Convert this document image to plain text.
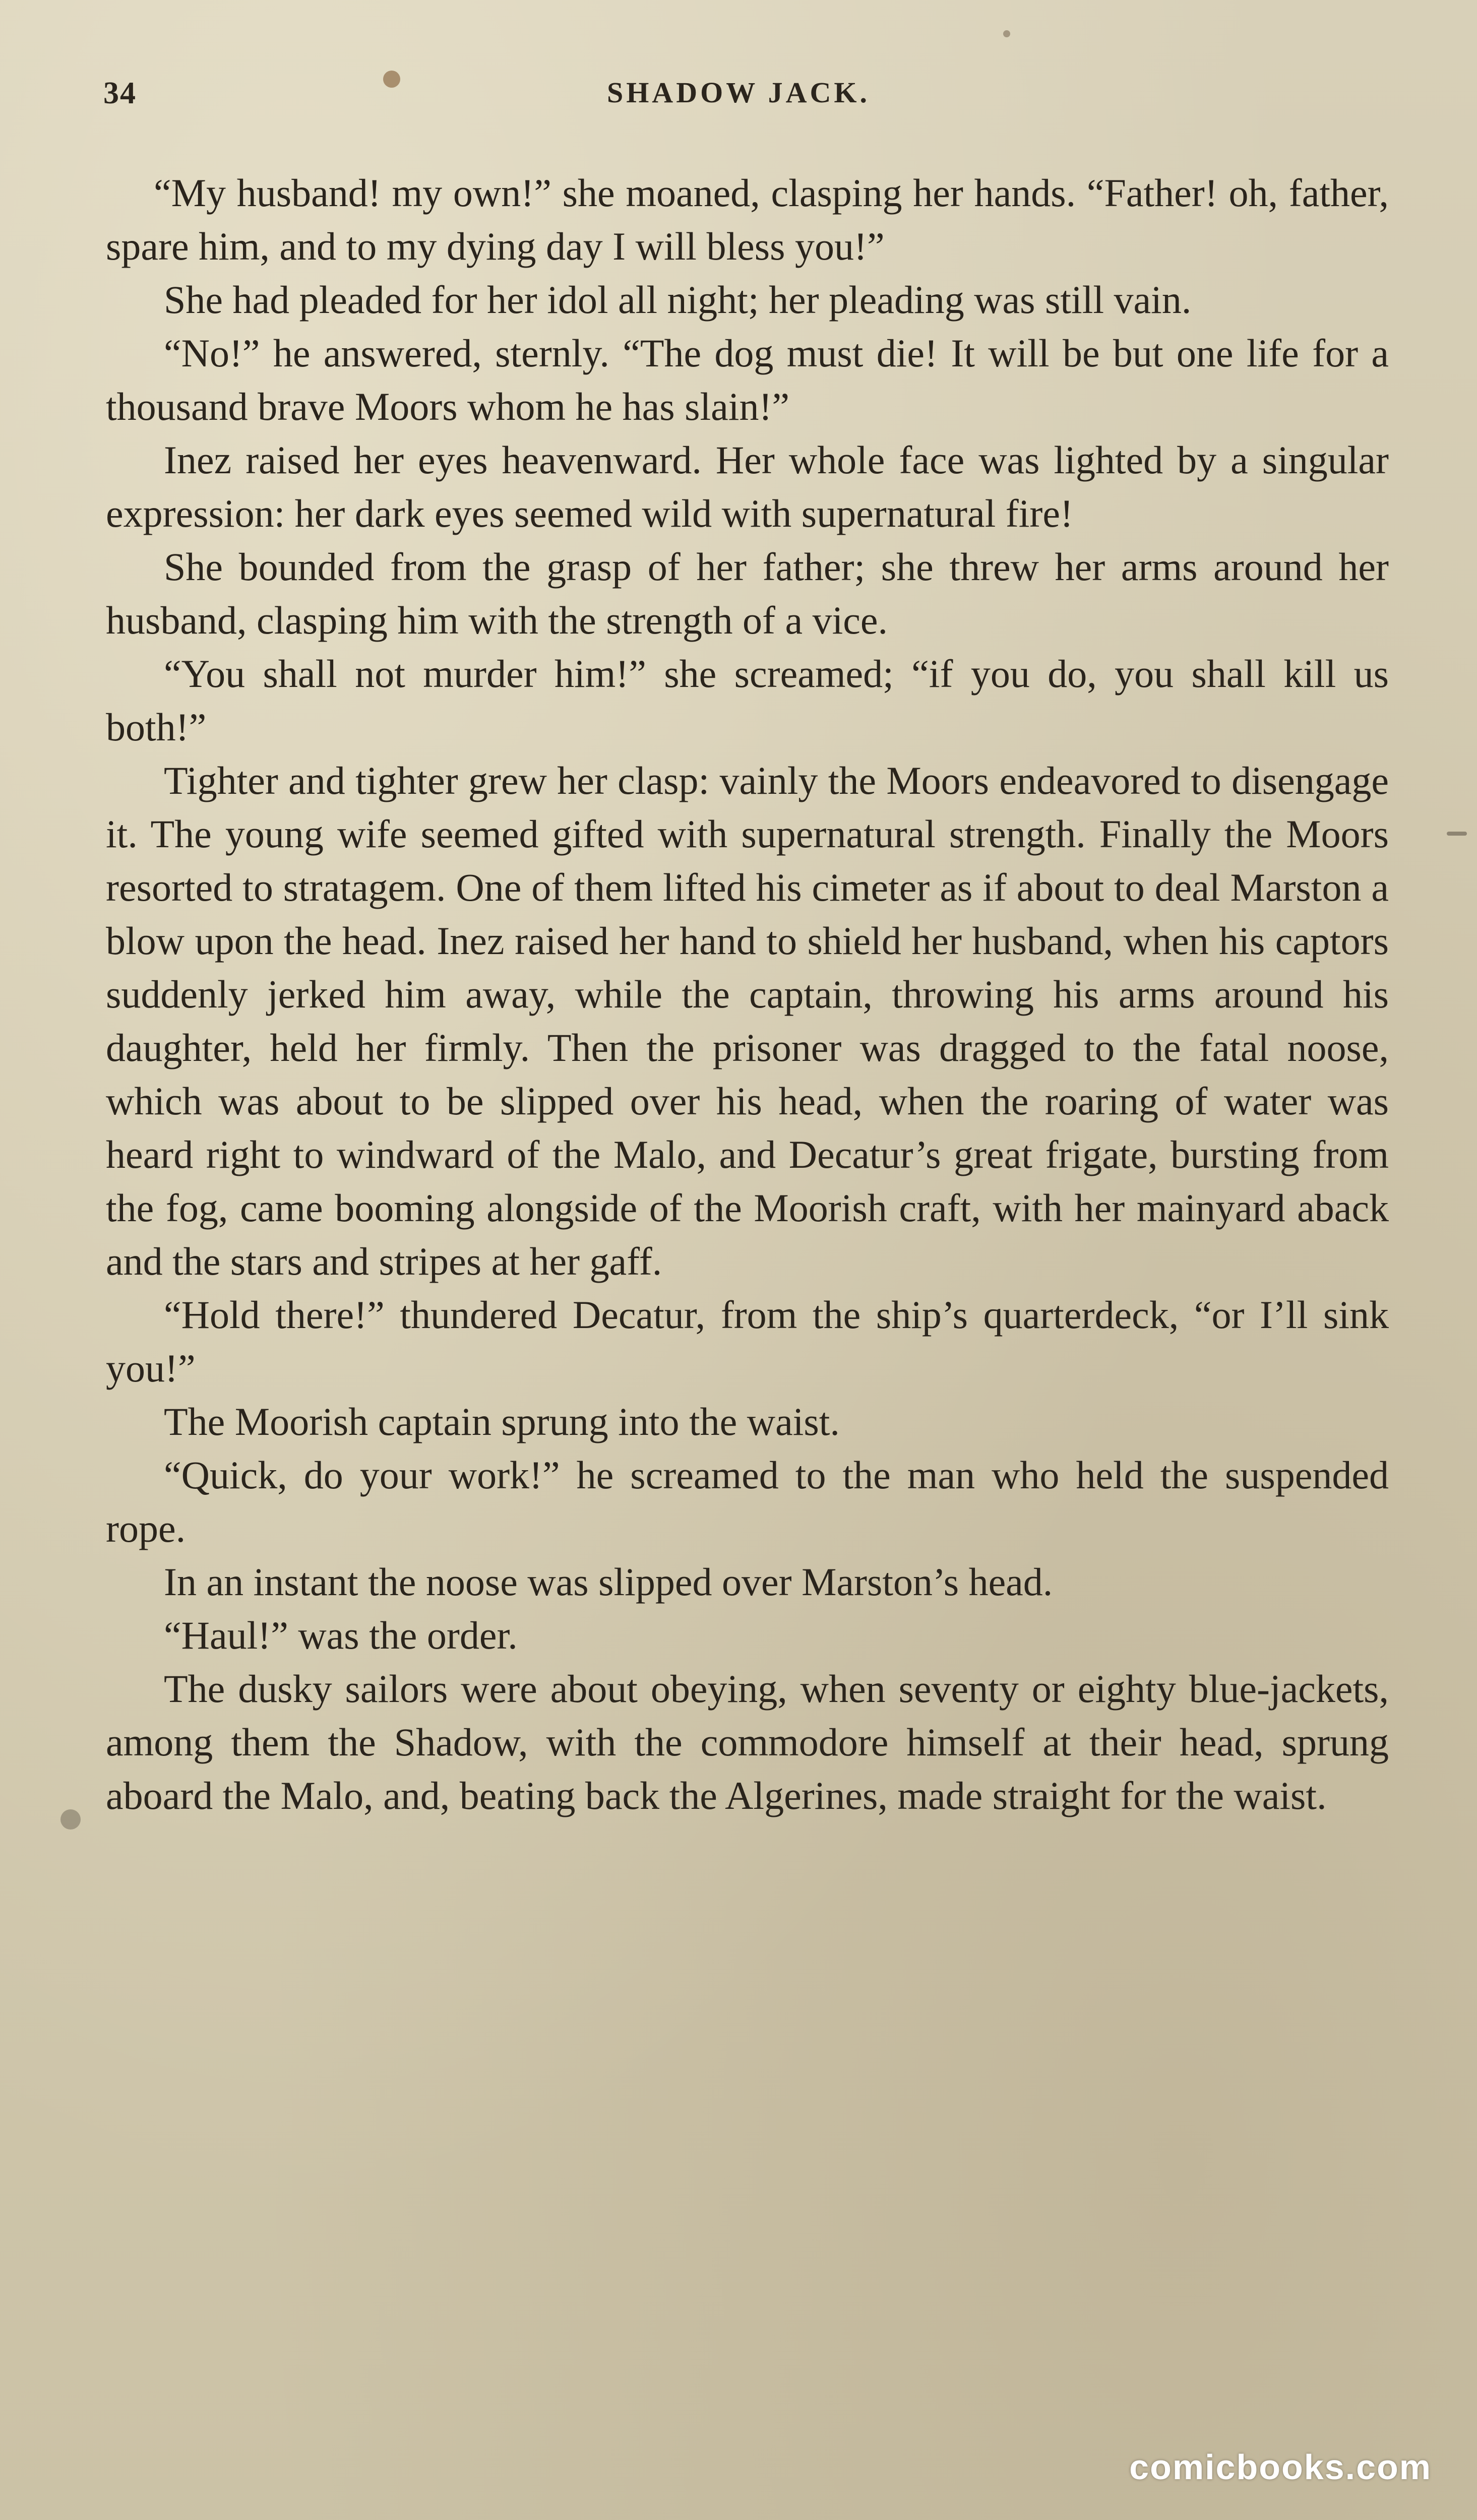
34	SHADOW JACK.

“My husband! my own!” she moaned, clasping her hands. “Father! oh, father, spare him, and to my dying day I will bless you!”

She had pleaded for her idol all night; her pleading was still vain.

“No!” he answered, sternly. “The dog must die! It will be but one life for a thousand brave Moors whom he has slain!”

Inez raised her eyes heavenward. Her whole face was lighted by a singular expression: her dark eyes seemed wild with supernatural fire!

She bounded from the grasp of her father; she threw her arms around her husband, clasping him with the strength of a vice.

“You shall not murder him!” she screamed; “if you do, you shall kill us both!”

Tighter and tighter grew her clasp: vainly the Moors endeavored to disengage it. The young wife seemed gifted with supernatural strength. Finally the Moors resorted to stratagem. One of them lifted his cimeter as if about to deal Marston a blow upon the head. Inez raised her hand to shield her husband, when his captors suddenly jerked him away, while the captain, throwing his arms around his daughter, held her firmly. Then the prisoner was dragged to the fatal noose, which was about to be slipped over his head, when the roaring of water was heard right to windward of the Malo, and Decatur’s great frigate, bursting from the fog, came booming alongside of the Moorish craft, with her mainyard aback and the stars and stripes at her gaff.

“Hold there!” thundered Decatur, from the ship’s quarterdeck, “or I’ll sink you!”

The Moorish captain sprung into the waist.

“Quick, do your work!” he screamed to the man who held the suspended rope.

In an instant the noose was slipped over Marston’s head.

“Haul!” was the order.

The dusky sailors were about obeying, when seventy or eighty blue-jackets, among them the Shadow, with the commodore himself at their head, sprung aboard the Malo, and, beating back the Algerines, made straight for the waist.

comicbooks.com
